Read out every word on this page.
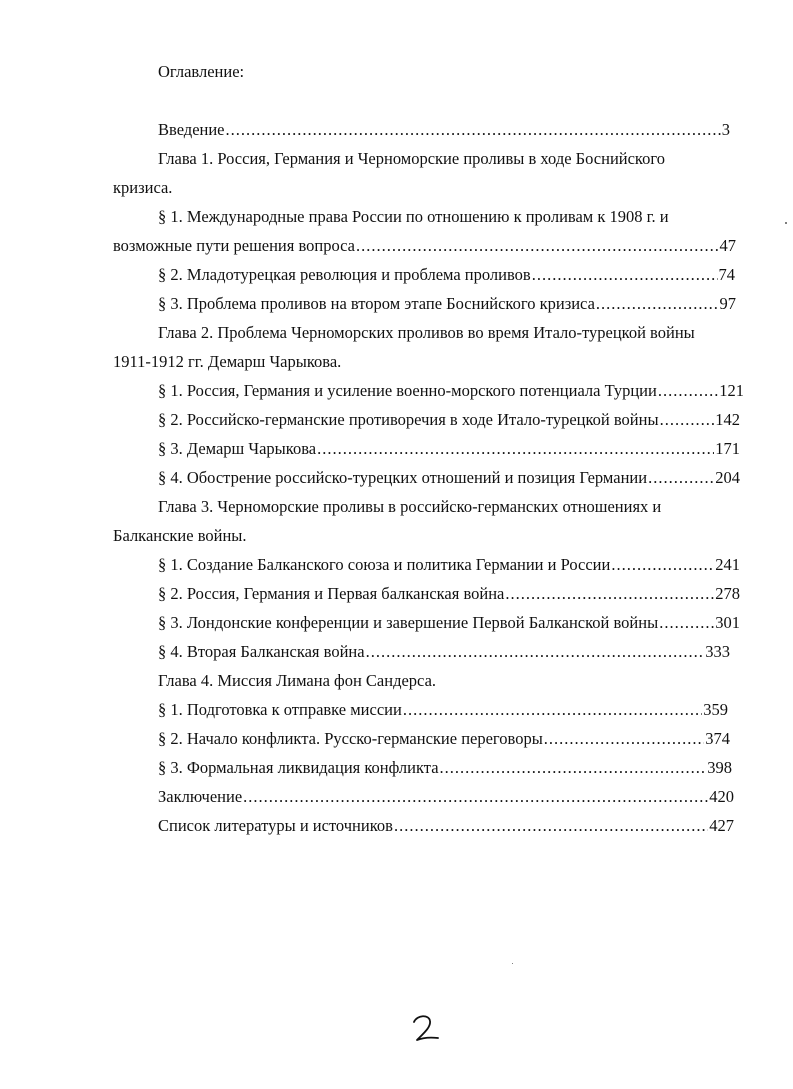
Оглавление:
Введение .....	3
Глава 1. Россия, Германия и Черноморские проливы в ходе Боснийского
кризиса.
§ 1. Международные права России по отношению к проливам к 1908 г. и
возможные пути решения вопроса .....	47
§ 2. Младотурецкая революция и проблема проливов .....	74
§ 3. Проблема проливов на втором этапе Боснийского кризиса .....	97
Глава 2. Проблема Черноморских проливов во время Итало-турецкой войны
1911-1912 гг. Демарш Чарыкова.
§ 1. Россия, Германия и усиление военно-морского потенциала Турции .....	121
§ 2. Российско-германские противоречия в ходе Итало-турецкой войны .....	142
§ 3. Демарш Чарыкова .....	171
§ 4. Обострение российско-турецких отношений и позиция Германии .....	204
Глава 3. Черноморские проливы в российско-германских отношениях и
Балканские войны.
§ 1. Создание Балканского союза и политика Германии и России .....	241
§ 2. Россия, Германия и Первая балканская война .....	278
§ 3. Лондонские конференции и завершение Первой Балканской войны .....	301
§ 4. Вторая Балканская война .....	333
Глава 4. Миссия Лимана фон Сандерса.
§ 1. Подготовка к отправке миссии .....	359
§ 2. Начало конфликта. Русско-германские переговоры .....	374
§ 3. Формальная ликвидация конфликта .....	398
Заключение .....	420
Список литературы и источников .....	427
